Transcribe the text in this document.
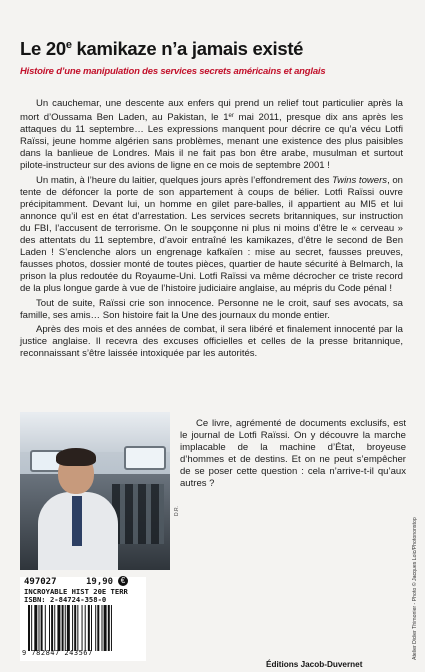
Le 20e kamikaze n’a jamais existé
Histoire d’une manipulation des services secrets américains et anglais

Un cauchemar, une descente aux enfers qui prend un relief tout particulier après la mort d’Oussama Ben Laden, au Pakistan, le 1er mai 2011, presque dix ans après les attaques du 11 septembre… Les expressions manquent pour décrire ce qu’a vécu Lotfi Raïssi, jeune homme algérien sans problèmes, menant une existence des plus paisibles dans la banlieue de Londres. Mais il ne fait pas bon être arabe, musulman et surtout pilote-instructeur sur des avions de ligne en ce mois de septembre 2001 !

Un matin, à l’heure du laitier, quelques jours après l’effondrement des Twins towers, on tente de défoncer la porte de son appartement à coups de bélier. Lotfi Raïssi ouvre précipitamment. Devant lui, un homme en gilet pare-balles, il appartient au MI5 et lui annonce qu’il est en état d’arrestation. Les services secrets britanniques, sur instruction du FBI, l’accusent de terrorisme. On le soupçonne ni plus ni moins d’être le « cerveau » des attentats du 11 septembre, d’avoir entraîné les kamikazes, d’être le second de Ben Laden ! S’enclenche alors un engrenage kafkaïen : mise au secret, fausses preuves, fausses photos, dossier monté de toutes pièces, quartier de haute sécurité à Belmarch, la prison la plus redoutée du Royaume-Uni. Lotfi Raïssi va même décrocher ce triste record de la plus longue garde à vue de l’histoire judiciaire anglaise, au mépris du Code pénal !

Tout de suite, Raïssi crie son innocence. Personne ne le croit, sauf ses avocats, sa famille, ses amis… Son histoire fait la Une des journaux du monde entier.

Après des mois et des années de combat, il sera libéré et finalement innocenté par la justice anglaise. Il recevra des excuses officielles et celles de la presse britannique, reconnaissant s’être laissée intoxiquée par les autorités.

D.R.

Ce livre, agrémenté de documents exclusifs, est le journal de Lotfi Raïssi. On y découvre la marche implacable de la machine d’État, broyeuse d’hommes et de destins. Et on ne peut s’empêcher de se poser cette question : cela n’arrive-t-il qu’aux autres ?

Atelier Didier Thimonier - Photo © Jacques Loic/Photononstop
497027	19,90 €
INCROYABLE HIST 20E TERR
ISBN: 2-84724-358-0
9 782847 243567
Éditions Jacob-Duvernet
